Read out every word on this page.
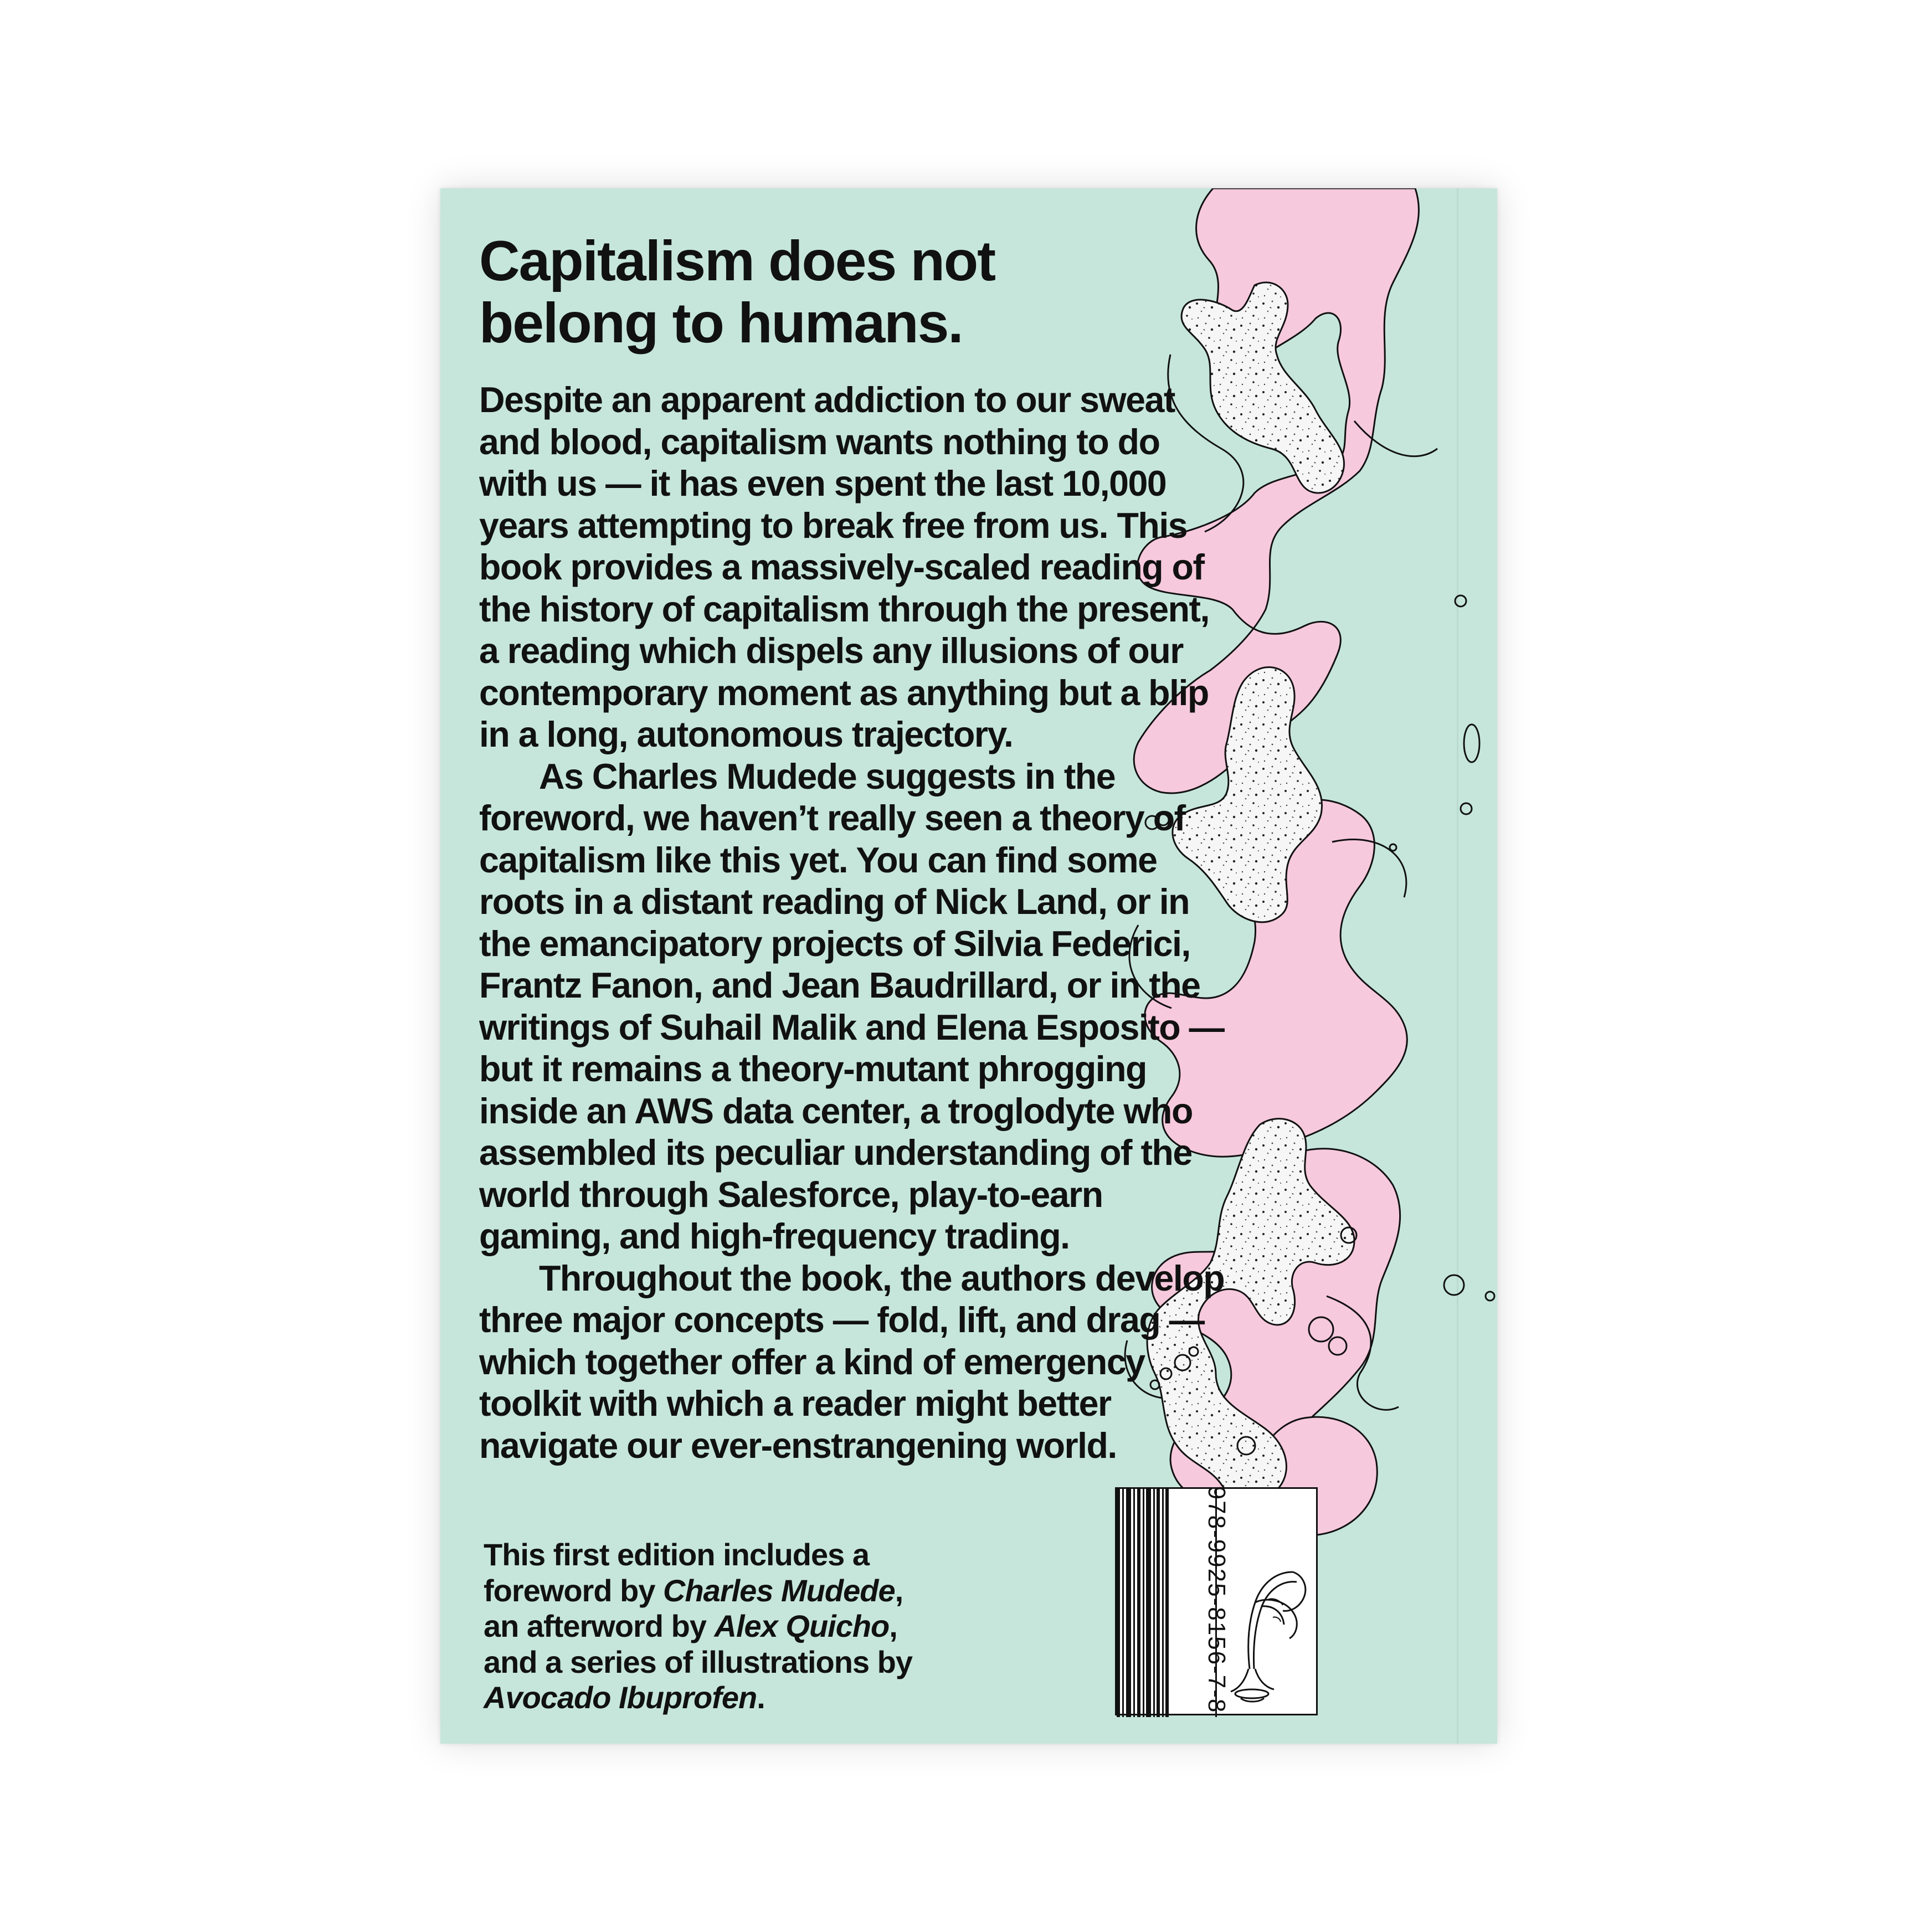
Capitalism does not
belong to humans.
Despite an apparent addiction to our sweat
and blood, capitalism wants nothing to do
with us — it has even spent the last 10,000
years attempting to break free from us. This
book provides a massively-scaled reading of
the history of capitalism through the present,
a reading which dispels any illusions of our
contemporary moment as anything but a blip
in a long, autonomous trajectory.
As Charles Mudede suggests in the
foreword, we haven’t really seen a theory of
capitalism like this yet. You can find some
roots in a distant reading of Nick Land, or in
the emancipatory projects of Silvia Federici,
Frantz Fanon, and Jean Baudrillard, or in the
writings of Suhail Malik and Elena Esposito —
but it remains a theory-mutant phrogging
inside an AWS data center, a troglodyte who
assembled its peculiar understanding of the
world through Salesforce, play-to-earn
gaming, and high-frequency trading.
Throughout the book, the authors develop
three major concepts — fold, lift, and drag —
which together offer a kind of emergency
toolkit with which a reader might better
navigate our ever-enstrangening world.
This first edition includes a
foreword by Charles Mudede,
an afterword by Alex Quicho,
and a series of illustrations by
Avocado Ibuprofen.	978-9925-8156-7-8
